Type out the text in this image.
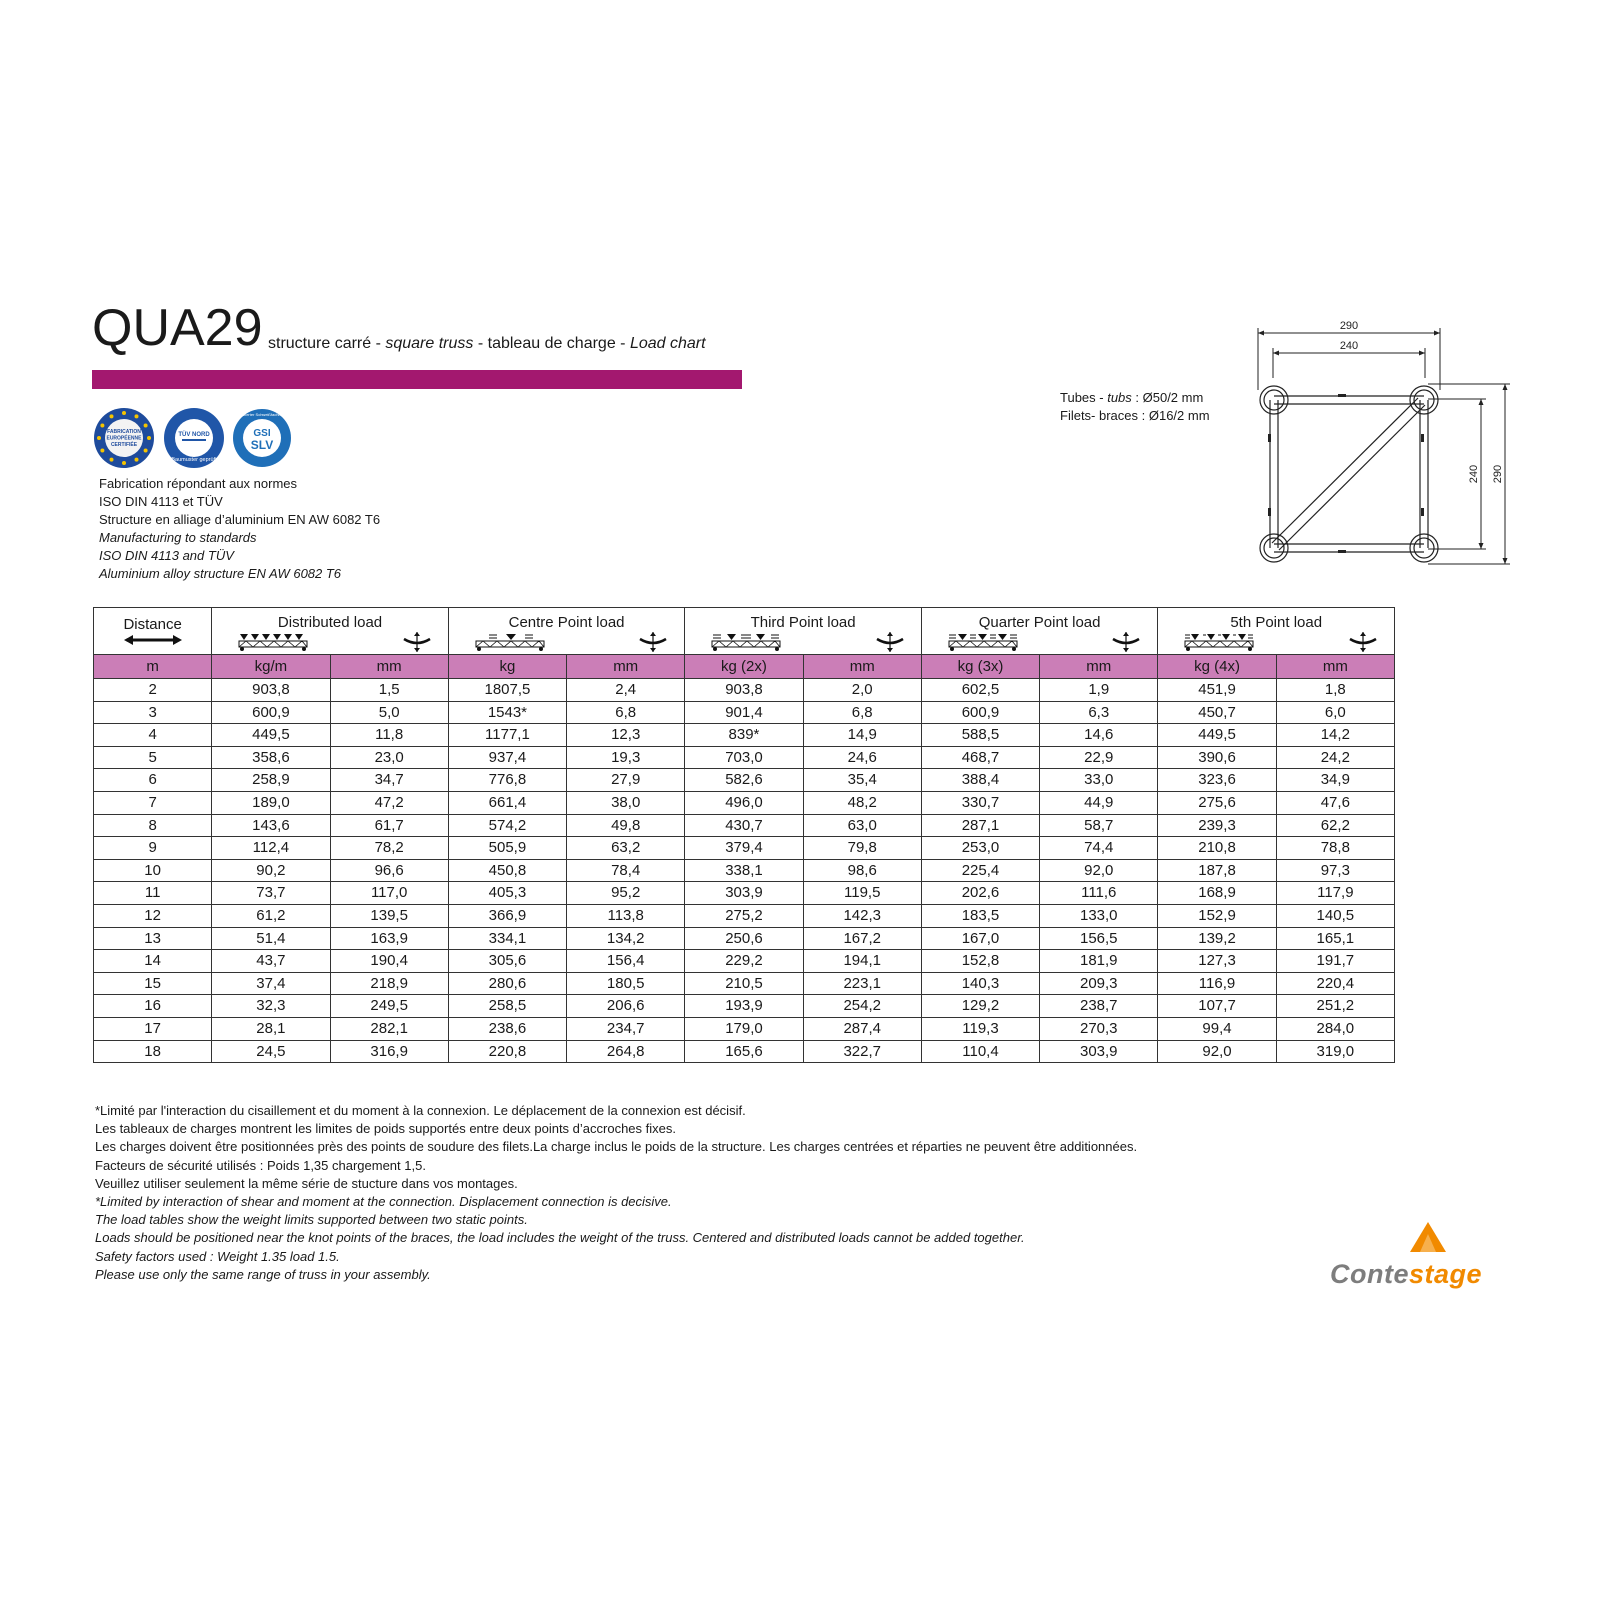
QUA29 structure carré - square truss - tableau de charge - Load chart
FABRICATION
EUROPÉENNE
CERTIFIÉE
TÜV NORD
Baumuster geprüft
GSI
SLV
Zertifizierter Schweißfachbetrieb
Fabrication répondant aux normes
ISO DIN 4113 et TÜV
Structure en alliage d’aluminium EN AW 6082 T6
Manufacturing to standards
ISO DIN 4113 and TÜV
Aluminium alloy structure EN AW 6082 T6
Tubes - tubs : Ø50/2 mm
Filets- braces : Ø16/2 mm
290
240
240 290
Distance	Distributed load		Centre Point load		Third Point load		Quarter Point load		5th Point load	

m	kg/m	mm	kg	mm	kg (2x)	mm	kg (3x)	mm	kg (4x)	mm
2	903,8	1,5	1807,5	2,4	903,8	2,0	602,5	1,9	451,9	1,8
3	600,9	5,0	1543*	6,8	901,4	6,8	600,9	6,3	450,7	6,0
4	449,5	11,8	1177,1	12,3	839*	14,9	588,5	14,6	449,5	14,2
5	358,6	23,0	937,4	19,3	703,0	24,6	468,7	22,9	390,6	24,2
6	258,9	34,7	776,8	27,9	582,6	35,4	388,4	33,0	323,6	34,9
7	189,0	47,2	661,4	38,0	496,0	48,2	330,7	44,9	275,6	47,6
8	143,6	61,7	574,2	49,8	430,7	63,0	287,1	58,7	239,3	62,2
9	112,4	78,2	505,9	63,2	379,4	79,8	253,0	74,4	210,8	78,8
10	90,2	96,6	450,8	78,4	338,1	98,6	225,4	92,0	187,8	97,3
11	73,7	117,0	405,3	95,2	303,9	119,5	202,6	111,6	168,9	117,9
12	61,2	139,5	366,9	113,8	275,2	142,3	183,5	133,0	152,9	140,5
13	51,4	163,9	334,1	134,2	250,6	167,2	167,0	156,5	139,2	165,1
14	43,7	190,4	305,6	156,4	229,2	194,1	152,8	181,9	127,3	191,7
15	37,4	218,9	280,6	180,5	210,5	223,1	140,3	209,3	116,9	220,4
16	32,3	249,5	258,5	206,6	193,9	254,2	129,2	238,7	107,7	251,2
17	28,1	282,1	238,6	234,7	179,0	287,4	119,3	270,3	99,4	284,0
18	24,5	316,9	220,8	264,8	165,6	322,7	110,4	303,9	92,0	319,0
*Limité par l'interaction du cisaillement et du moment à la connexion. Le déplacement de la connexion est décisif.
Les tableaux de charges montrent les limites de poids supportés entre deux points d’accroches fixes.
Les charges doivent être positionnées près des points de soudure des filets.La charge inclus le poids de la structure. Les charges centrées et réparties ne peuvent être additionnées.
Facteurs de sécurité utilisés : Poids 1,35 chargement 1,5.
Veuillez utiliser seulement la même série de stucture dans vos montages.
*Limited by interaction of shear and moment at the connection. Displacement connection is decisive.
The load tables show the weight limits supported between two static points.
Loads should be positioned near the knot points of the braces, the load includes the weight of the truss. Centered and distributed loads cannot be added together.
Safety factors used : Weight 1.35 load 1.5.
Please use only the same range of truss in your assembly.	Contestage
